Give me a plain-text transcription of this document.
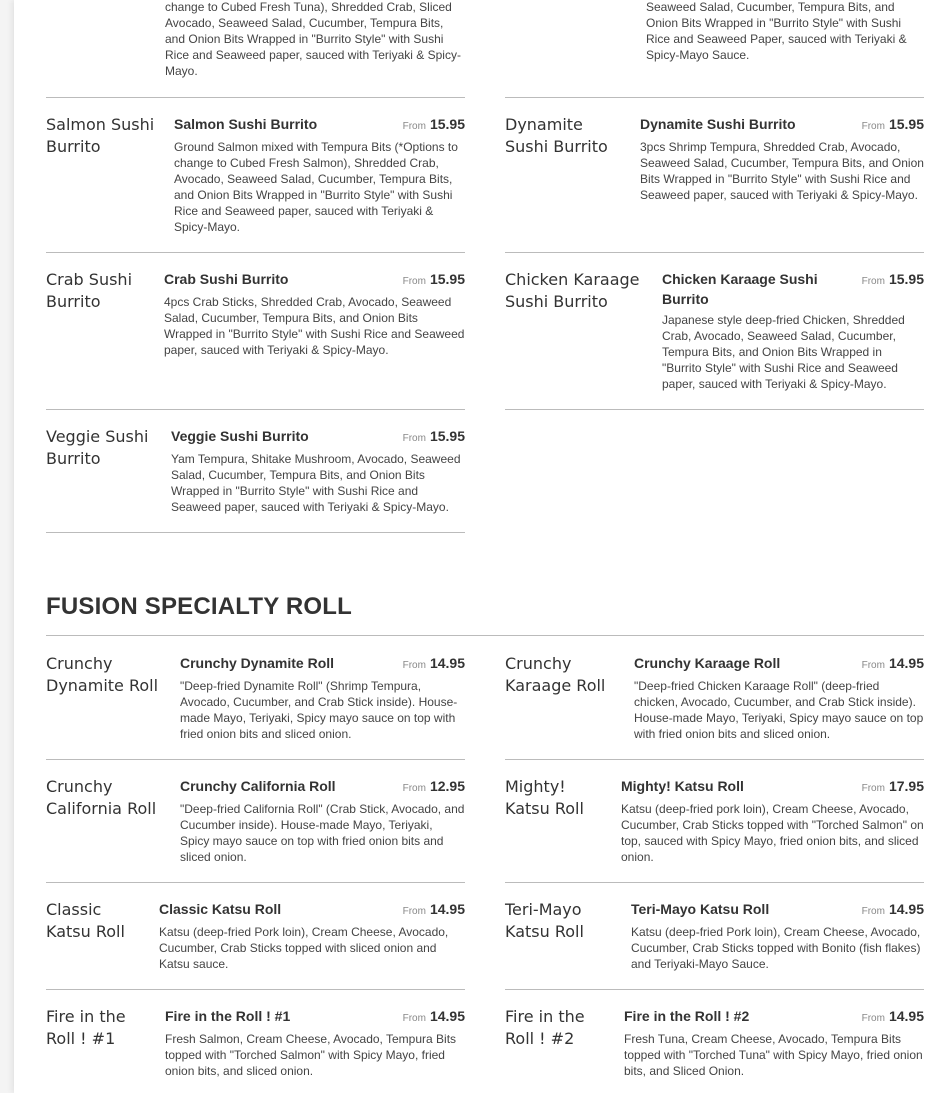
change to Cubed Fresh Tuna), Shredded Crab, Sliced Avocado, Seaweed Salad, Cucumber, Tempura Bits, and Onion Bits Wrapped in "Burrito Style" with Sushi Rice and Seaweed paper, sauced with Teriyaki & Spicy-Mayo.
Seaweed Salad, Cucumber, Tempura Bits, and Onion Bits Wrapped in "Burrito Style" with Sushi Rice and Seaweed Paper, sauced with Teriyaki & Spicy-Mayo Sauce.
Salmon Sushi Burrito
Salmon Sushi Burrito	From 15.95
Ground Salmon mixed with Tempura Bits (*Options to change to Cubed Fresh Salmon), Shredded Crab, Avocado, Seaweed Salad, Cucumber, Tempura Bits, and Onion Bits Wrapped in "Burrito Style" with Sushi Rice and Seaweed paper, sauced with Teriyaki & Spicy-Mayo.
Dynamite Sushi Burrito
Dynamite Sushi Burrito	From 15.95
3pcs Shrimp Tempura, Shredded Crab, Avocado, Seaweed Salad, Cucumber, Tempura Bits, and Onion Bits Wrapped in "Burrito Style" with Sushi Rice and Seaweed paper, sauced with Teriyaki & Spicy-Mayo.
Crab Sushi Burrito
Crab Sushi Burrito	From 15.95
4pcs Crab Sticks, Shredded Crab, Avocado, Seaweed Salad, Cucumber, Tempura Bits, and Onion Bits Wrapped in "Burrito Style" with Sushi Rice and Seaweed paper, sauced with Teriyaki & Spicy-Mayo.
Chicken Karaage Sushi Burrito
Chicken Karaage Sushi Burrito
From 15.95
Japanese style deep-fried Chicken, Shredded Crab, Avocado, Seaweed Salad, Cucumber, Tempura Bits, and Onion Bits Wrapped in "Burrito Style" with Sushi Rice and Seaweed paper, sauced with Teriyaki & Spicy-Mayo.
Veggie Sushi Burrito
Veggie Sushi Burrito	From 15.95
Yam Tempura, Shitake Mushroom, Avocado, Seaweed Salad, Cucumber, Tempura Bits, and Onion Bits Wrapped in "Burrito Style" with Sushi Rice and Seaweed paper, sauced with Teriyaki & Spicy-Mayo.
FUSION SPECIALTY ROLL
Crunchy Dynamite Roll
Crunchy Dynamite Roll	From 14.95
"Deep-fried Dynamite Roll" (Shrimp Tempura, Avocado, Cucumber, and Crab Stick inside). House-made Mayo, Teriyaki, Spicy mayo sauce on top with fried onion bits and sliced onion.
Crunchy Karaage Roll
Crunchy Karaage Roll	From 14.95
"Deep-fried Chicken Karaage Roll" (deep-fried chicken, Avocado, Cucumber, and Crab Stick inside). House-made Mayo, Teriyaki, Spicy mayo sauce on top with fried onion bits and sliced onion.
Crunchy California Roll
Crunchy California Roll	From 12.95
"Deep-fried California Roll" (Crab Stick, Avocado, and Cucumber inside). House-made Mayo, Teriyaki, Spicy mayo sauce on top with fried onion bits and sliced onion.
Mighty! Katsu Roll
Mighty! Katsu Roll	From 17.95
Katsu (deep-fried pork loin), Cream Cheese, Avocado, Cucumber, Crab Sticks topped with "Torched Salmon" on top, sauced with Spicy Mayo, fried onion bits, and sliced onion.
Classic Katsu Roll
Classic Katsu Roll	From 14.95
Katsu (deep-fried Pork loin), Cream Cheese, Avocado, Cucumber, Crab Sticks topped with sliced onion and Katsu sauce.
Teri-Mayo Katsu Roll
Teri-Mayo Katsu Roll	From 14.95
Katsu (deep-fried Pork loin), Cream Cheese, Avocado, Cucumber, Crab Sticks topped with Bonito (fish flakes) and Teriyaki-Mayo Sauce.
Fire in the Roll ! #1
Fire in the Roll ! #1	From 14.95
Fresh Salmon, Cream Cheese, Avocado, Tempura Bits topped with "Torched Salmon" with Spicy Mayo, fried onion bits, and sliced onion.
Fire in the Roll ! #2
Fire in the Roll ! #2	From 14.95
Fresh Tuna, Cream Cheese, Avocado, Tempura Bits topped with "Torched Tuna" with Spicy Mayo, fried onion bits, and Sliced Onion.
